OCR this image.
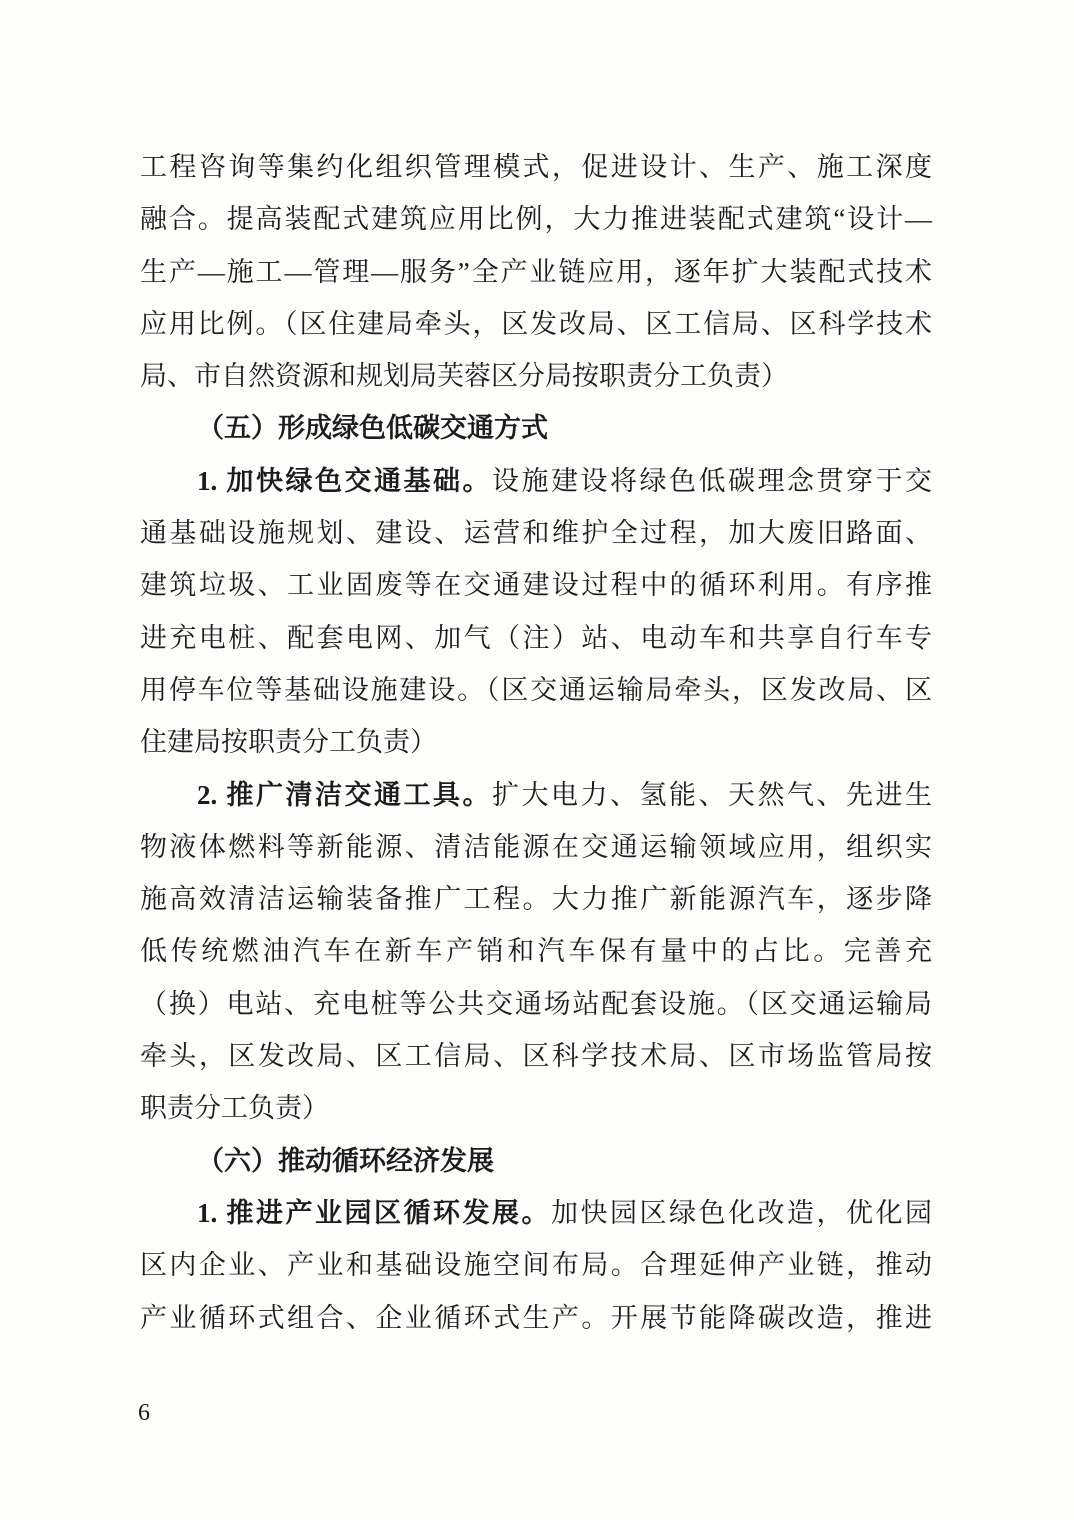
工程咨询等集约化组织管理模式，促进设计、生产、施工深度
融合。提高装配式建筑应用比例，大力推进装配式建筑“设计—
生产—施工—管理—服务”全产业链应用，逐年扩大装配式技术
应用比例。（区住建局牵头，区发改局、区工信局、区科学技术
局、市自然资源和规划局芙蓉区分局按职责分工负责）
（五）形成绿色低碳交通方式
1. 加快绿色交通基础。设施建设将绿色低碳理念贯穿于交
通基础设施规划、建设、运营和维护全过程，加大废旧路面、
建筑垃圾、工业固废等在交通建设过程中的循环利用。有序推
进充电桩、配套电网、加气（注）站、电动车和共享自行车专
用停车位等基础设施建设。（区交通运输局牵头，区发改局、区
住建局按职责分工负责）
2. 推广清洁交通工具。扩大电力、氢能、天然气、先进生
物液体燃料等新能源、清洁能源在交通运输领域应用，组织实
施高效清洁运输装备推广工程。大力推广新能源汽车，逐步降
低传统燃油汽车在新车产销和汽车保有量中的占比。完善充
（换）电站、充电桩等公共交通场站配套设施。（区交通运输局
牵头，区发改局、区工信局、区科学技术局、区市场监管局按
职责分工负责）
（六）推动循环经济发展
1. 推进产业园区循环发展。加快园区绿色化改造，优化园
区内企业、产业和基础设施空间布局。合理延伸产业链，推动
产业循环式组合、企业循环式生产。开展节能降碳改造，推进
6
